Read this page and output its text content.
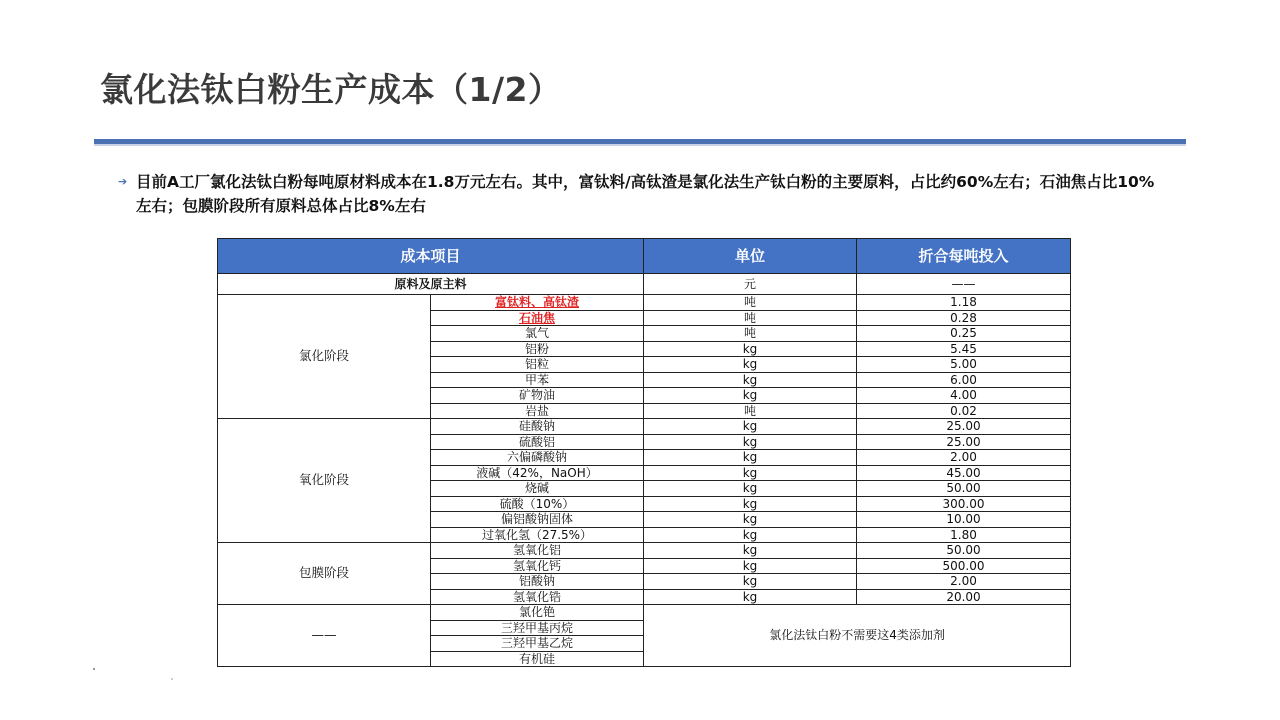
氯化法钛白粉生产成本（1/2）
➔ 目前A工厂氯化法钛白粉每吨原材料成本在1.8万元左右。其中，富钛料/高钛渣是氯化法生产钛白粉的主要原料，占比约60%左右；石油焦占比10%左右；包膜阶段所有原料总体占比8%左右
成本项目		单位	折合每吨投入
原料及原主料		元	——
氯化阶段	富钛料、高钛渣	吨	1.18
	石油焦	吨	0.28
	氯气	吨	0.25
	铝粉	kg	5.45
	铝粒	kg	5.00
	甲苯	kg	6.00
	矿物油	kg	4.00
	岩盐	吨	0.02
氧化阶段	硅酸钠	kg	25.00
	硫酸铝	kg	25.00
	六偏磷酸钠	kg	2.00
	液碱（42%，NaOH）	kg	45.00
	烧碱	kg	50.00
	硫酸（10%）	kg	300.00
	偏铝酸钠固体	kg	10.00
	过氧化氢（27.5%）	kg	1.80
包膜阶段	氢氧化铝	kg	50.00
	氢氧化钙	kg	500.00
	铝酸钠	kg	2.00
	氢氧化锆	kg	20.00
——	氯化铯	氯化法钛白粉不需要这4类添加剂	
	三羟甲基丙烷		
	三羟甲基乙烷		
	有机硅		
